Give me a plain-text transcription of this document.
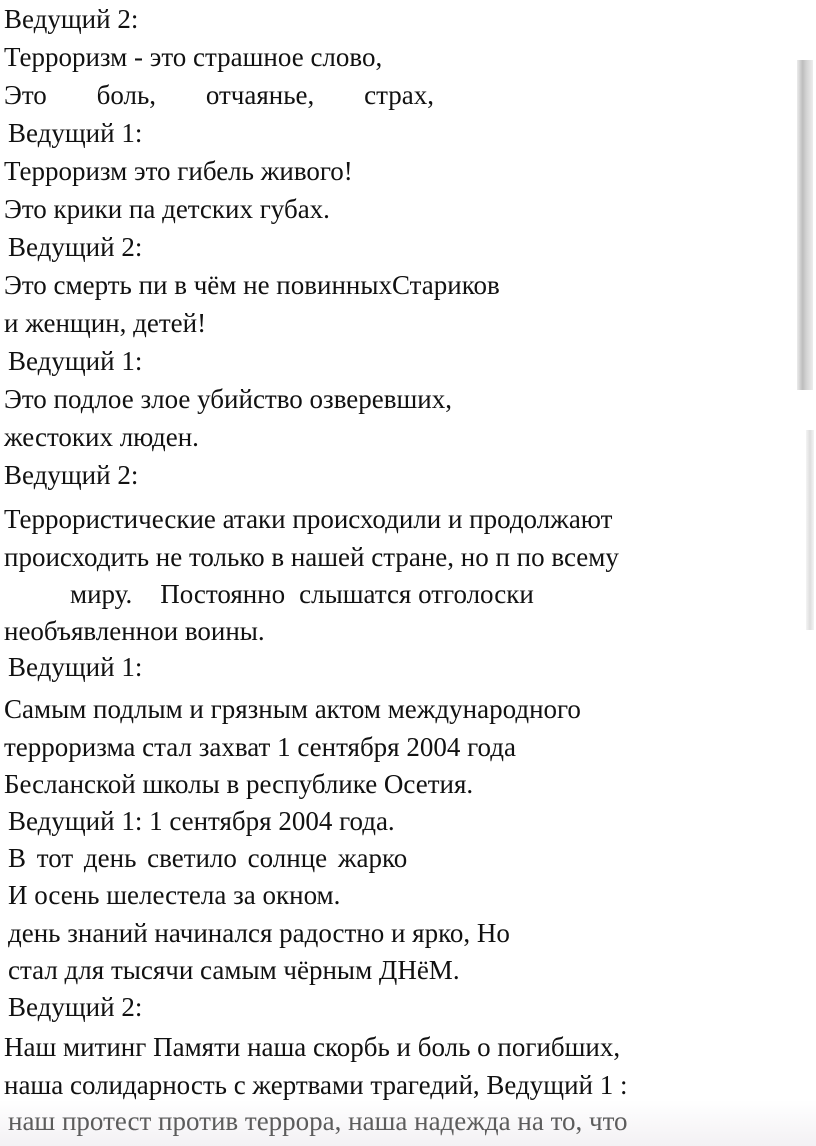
Ведущий 2:
Терроризм - это страшное слово,
Это боль, отчаянье, страх,
Ведущий 1:
Терроризм это гибель живого!
Это крики па детских губах.
Ведущий 2:
Это смерть пи в чём не повинныхСтариков
и женщин, детей!
Ведущий 1:
Это подлое злое убийство озверевших,
жестоких люден.
Ведущий 2:
Террористические атаки происходили и продолжают
происходить не только в нашей стране, но п по всему
миру. Постоянно слышатся отголоски
необъявленнои воины.
Ведущий 1:
Самым подлым и грязным актом международного
терроризма стал захват 1 сентября 2004 года
Бесланской школы в республике Осетия.
Ведущий 1: 1 сентября 2004 года.
В тот день светило солнце жарко
И осень шелестела за окном.
день знаний начинался радостно и ярко, Но
стал для тысячи самым чёрным ДНёМ.
Ведущий 2:
Наш митинг Памяти наша скорбь и боль о погибших,
наша солидарность с жертвами трагедий, Ведущий 1 :
наш протест против террора, наша надежда на то, что
